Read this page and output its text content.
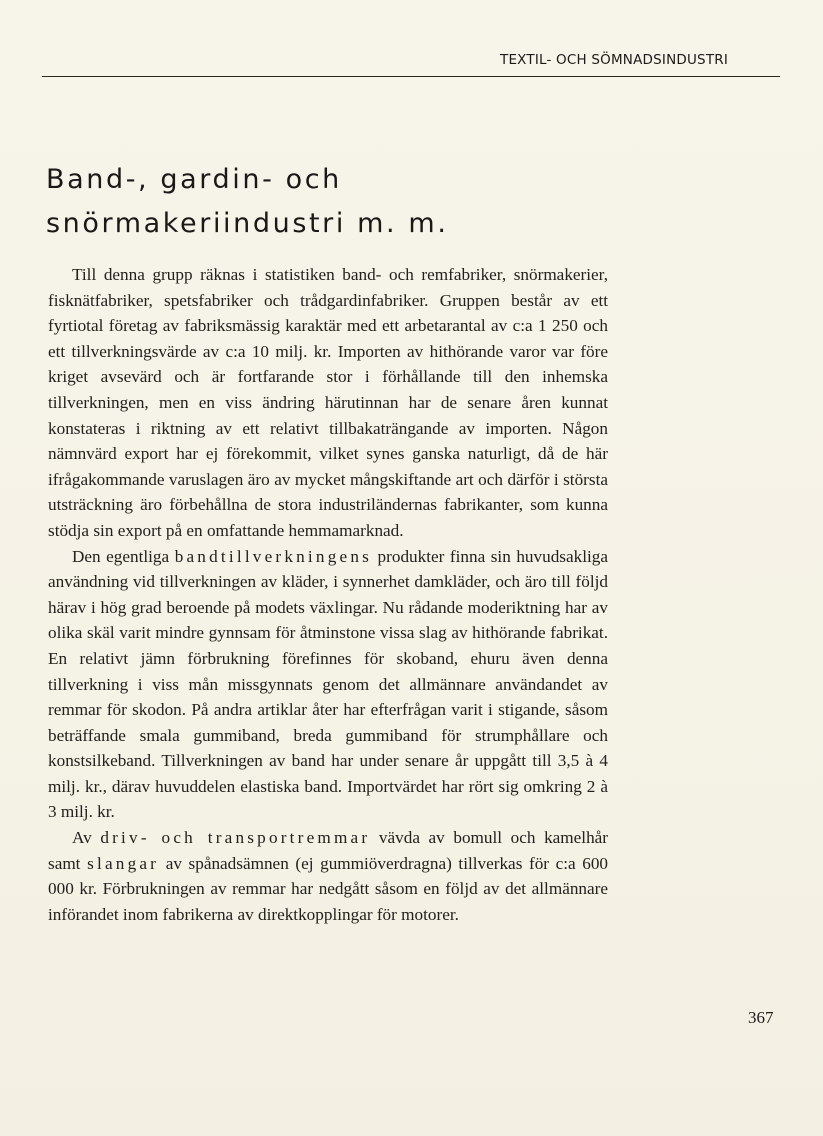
TEXTIL- OCH SÖMNADSINDUSTRI
Band-, gardin- och
snörmakeriindustri m. m.

Till denna grupp räknas i statistiken band- och remfabriker, snörmakerier, fisknätfabriker, spetsfabriker och trådgardinfabriker. Gruppen består av ett fyrtiotal företag av fabriksmässig karaktär med ett arbetarantal av c:a 1 250 och ett tillverkningsvärde av c:a 10 milj. kr. Importen av hithörande varor var före kriget avsevärd och är fortfarande stor i förhållande till den inhemska tillverkningen, men en viss ändring härutinnan har de senare åren kunnat konstateras i riktning av ett relativt tillbakaträngande av importen. Någon nämnvärd export har ej förekommit, vilket synes ganska naturligt, då de här ifrågakommande varuslagen äro av mycket mångskiftande art och därför i största utsträckning äro förbehållna de stora industriländernas fabrikanter, som kunna stödja sin export på en omfattande hemmamarknad.

Den egentliga bandtillverkningens produkter finna sin huvudsakliga användning vid tillverkningen av kläder, i synnerhet damkläder, och äro till följd härav i hög grad beroende på modets växlingar. Nu rådande moderiktning har av olika skäl varit mindre gynnsam för åtminstone vissa slag av hithörande fabrikat. En relativt jämn förbrukning förefinnes för skoband, ehuru även denna tillverkning i viss mån missgynnats genom det allmännare användandet av remmar för skodon. På andra artiklar åter har efterfrågan varit i stigande, såsom beträffande smala gummiband, breda gummiband för strumphållare och konstsilkeband. Tillverkningen av band har under senare år uppgått till 3,5 à 4 milj. kr., därav huvuddelen elastiska band. Importvärdet har rört sig omkring 2 à 3 milj. kr.

Av driv- och transportremmar vävda av bomull och kamelhår samt slangar av spånadsämnen (ej gummiöverdragna) tillverkas för c:a 600 000 kr. Förbrukningen av remmar har nedgått såsom en följd av det allmännare införandet inom fabrikerna av direktkopplingar för motorer.

367
